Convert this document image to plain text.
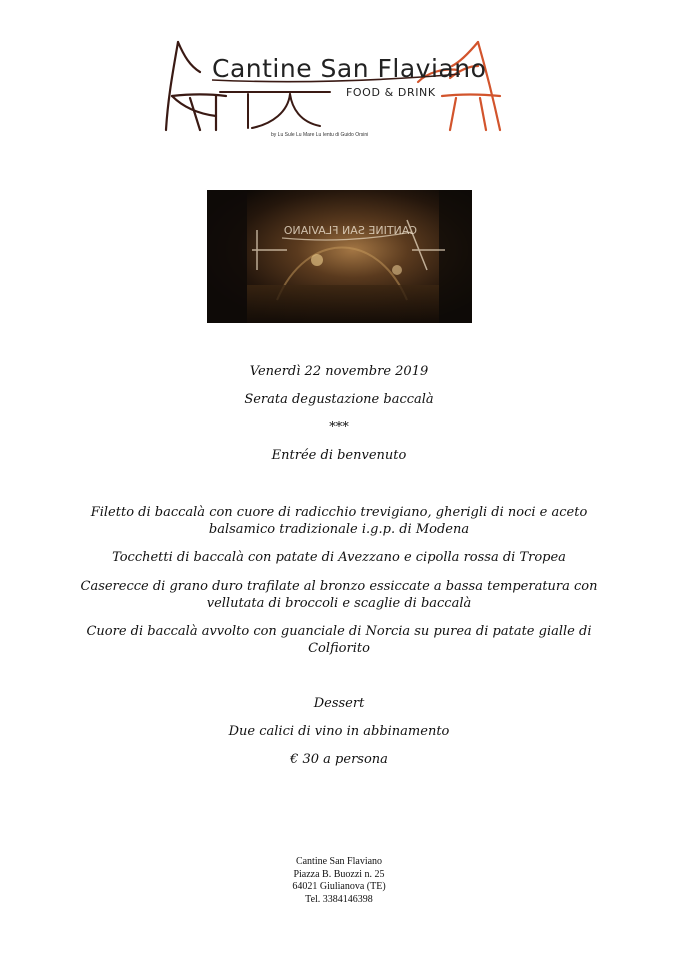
Cantine San Flaviano
FOOD & DRINK
by Lu Sule Lu Mare Lu Ientu di Guido Orsini
CANTINE SAN FLAVIANO

Venerdì 22 novembre 2019

Serata degustazione baccalà

***

Entrée di benvenuto

Filetto di baccalà con cuore di radicchio trevigiano, gherigli di noci e aceto balsamico tradizionale i.g.p. di Modena

Tocchetti di baccalà con patate di Avezzano e cipolla rossa di Tropea

Caserecce di grano duro trafilate al bronzo essiccate a bassa temperatura con vellutata di broccoli e scaglie di baccalà

Cuore di baccalà avvolto con guanciale di Norcia su purea di patate gialle di Colfiorito

Dessert

Due calici di vino in abbinamento

€ 30 a persona

Cantine San Flaviano
Piazza B. Buozzi n. 25
64021 Giulianova (TE)
Tel. 3384146398
